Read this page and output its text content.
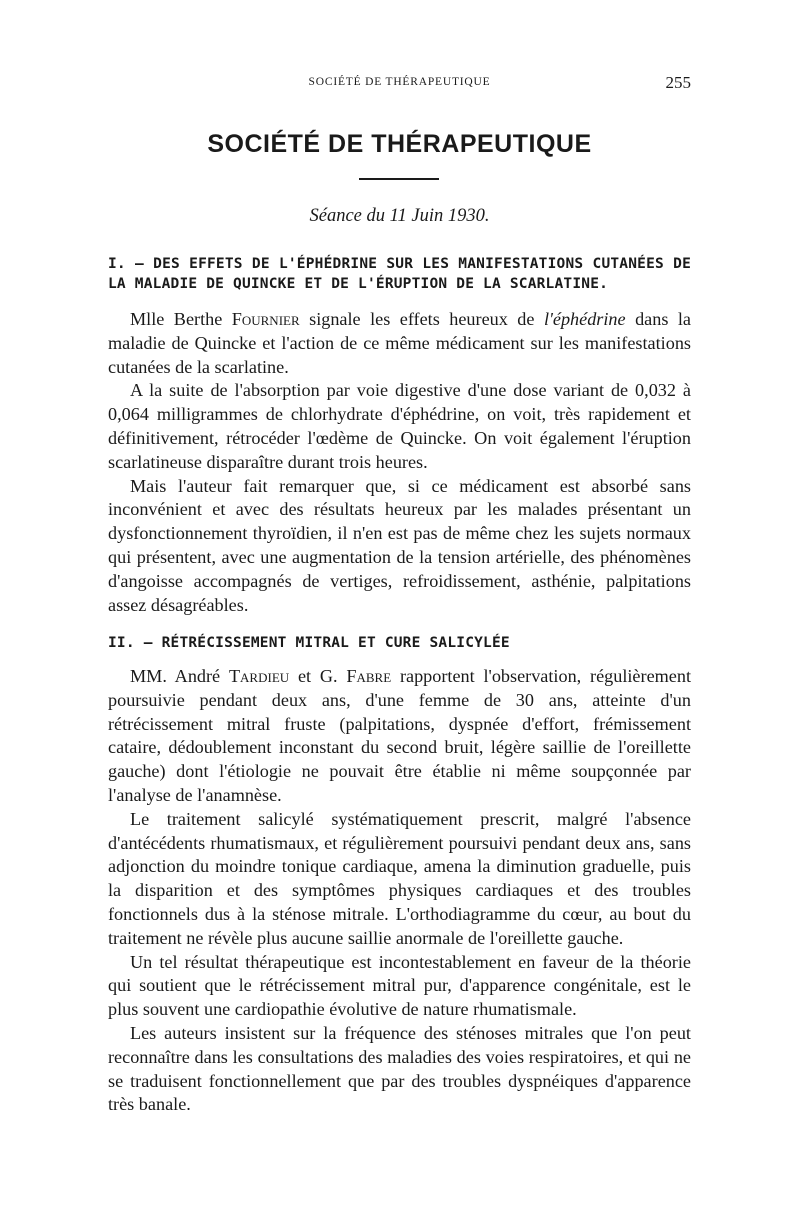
SOCIÉTÉ DE THÉRAPEUTIQUE	255
SOCIÉTÉ DE THÉRAPEUTIQUE
Séance du 11 Juin 1930.
I. — DES EFFETS DE L'ÉPHÉDRINE SUR LES MANIFESTATIONS CUTANÉES DE LA MALADIE DE QUINCKE ET DE L'ÉRUPTION DE LA SCARLATINE.

Mlle Berthe Fournier signale les effets heureux de l'éphédrine dans la maladie de Quincke et l'action de ce même médicament sur les manifestations cutanées de la scarlatine.

A la suite de l'absorption par voie digestive d'une dose variant de 0,032 à 0,064 milligrammes de chlorhydrate d'éphédrine, on voit, très rapidement et définitivement, rétrocéder l'œdème de Quincke. On voit également l'éruption scarlatineuse disparaître durant trois heures.

Mais l'auteur fait remarquer que, si ce médicament est absorbé sans inconvénient et avec des résultats heureux par les malades présentant un dysfonctionnement thyroïdien, il n'en est pas de même chez les sujets normaux qui présentent, avec une augmentation de la tension artérielle, des phénomènes d'angoisse accompagnés de vertiges, refroidissement, asthénie, palpitations assez désagréables.

II. — RÉTRÉCISSEMENT MITRAL ET CURE SALICYLÉE

MM. André Tardieu et G. Fabre rapportent l'observation, régulièrement poursuivie pendant deux ans, d'une femme de 30 ans, atteinte d'un rétrécissement mitral fruste (palpitations, dyspnée d'effort, frémissement cataire, dédoublement inconstant du second bruit, légère saillie de l'oreillette gauche) dont l'étiologie ne pouvait être établie ni même soupçonnée par l'analyse de l'anamnèse.

Le traitement salicylé systématiquement prescrit, malgré l'absence d'antécédents rhumatismaux, et régulièrement poursuivi pendant deux ans, sans adjonction du moindre tonique cardiaque, amena la diminution graduelle, puis la disparition et des symptômes physiques cardiaques et des troubles fonctionnels dus à la sténose mitrale. L'orthodiagramme du cœur, au bout du traitement ne révèle plus aucune saillie anormale de l'oreillette gauche.

Un tel résultat thérapeutique est incontestablement en faveur de la théorie qui soutient que le rétrécissement mitral pur, d'apparence congénitale, est le plus souvent une cardiopathie évolutive de nature rhumatismale.

Les auteurs insistent sur la fréquence des sténoses mitrales que l'on peut reconnaître dans les consultations des maladies des voies respiratoires, et qui ne se traduisent fonctionnellement que par des troubles dyspnéiques d'apparence très banale.
